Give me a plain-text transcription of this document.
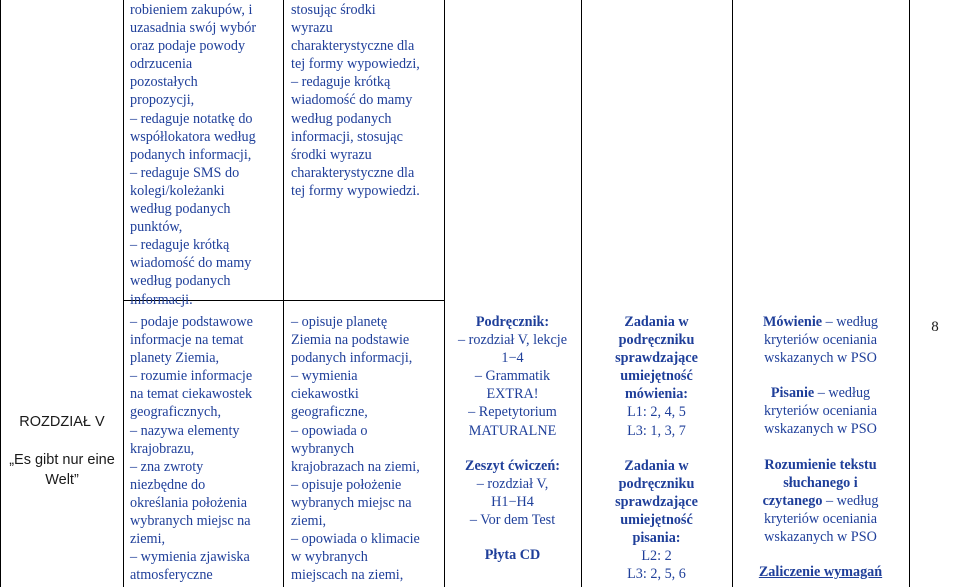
ROZDZIAŁ V
„Es gibt nur eine Welt”
robieniem zakupów, i
uzasadnia swój wybór
oraz podaje powody
odrzucenia
pozostałych
propozycji,
– redaguje notatkę do
współlokatora według
podanych informacji,
– redaguje SMS do
kolegi/koleżanki
według podanych
punktów,
– redaguje krótką
wiadomość do mamy
według podanych
informacji.
– podaje podstawowe
informacje na temat
planety Ziemia,
– rozumie informacje
na temat ciekawostek
geograficznych,
– nazywa elementy
krajobrazu,
– zna zwroty
niezbędne do
określania położenia
wybranych miejsc na
ziemi,
– wymienia zjawiska
atmosferyczne
stosując środki
wyrazu
charakterystyczne dla
tej formy wypowiedzi,
– redaguje krótką
wiadomość do mamy
według podanych
informacji, stosując
środki wyrazu
charakterystyczne dla
tej formy wypowiedzi.
– opisuje planetę
Ziemia na podstawie
podanych informacji,
– wymienia
ciekawostki
geograficzne,
– opowiada o
wybranych
krajobrazach na ziemi,
– opisuje położenie
wybranych miejsc na
ziemi,
– opowiada o klimacie
w wybranych
miejscach na ziemi,
Podręcznik:
– rozdział V, lekcje
1−4
– Grammatik
EXTRA!
– Repetytorium
MATURALNE
Zeszyt ćwiczeń:
– rozdział V,
H1−H4
– Vor dem Test
Płyta CD
Zadania w
podręczniku
sprawdzające
umiejętność
mówienia:
L1: 2, 4, 5
L3: 1, 3, 7
Zadania w
podręczniku
sprawdzające
umiejętność
pisania:
L2: 2
L3: 2, 5, 6
Mówienie – według
kryteriów oceniania
wskazanych w PSO
Pisanie – według
kryteriów oceniania
wskazanych w PSO
Rozumienie tekstu
słuchanego i
czytanego – według
kryteriów oceniania
wskazanych w PSO
Zaliczenie wymagań
8
